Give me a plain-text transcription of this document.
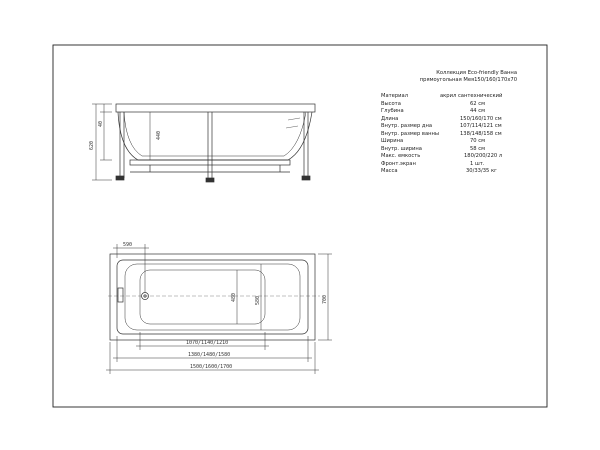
620
40
440
590
480	580	700
1070/1140/1210
1380/1480/1580
1500/1600/1700
Коллекция Eco-friendly Ванна
прямоугольная Мея150/160/170х70
Материал	акрил сантехнический
Высота	62 см
Глубина	44 см
Длина	150/160/170 см
Внутр. размер дна	107/114/121 см
Внутр. размер ванны	138/148/158 см
Ширина	70 см
Внутр. ширина	58 см
Макс. емкость	180/200/220 л
Фронт.экран	1 шт.
Масса	30/33/35 кг
